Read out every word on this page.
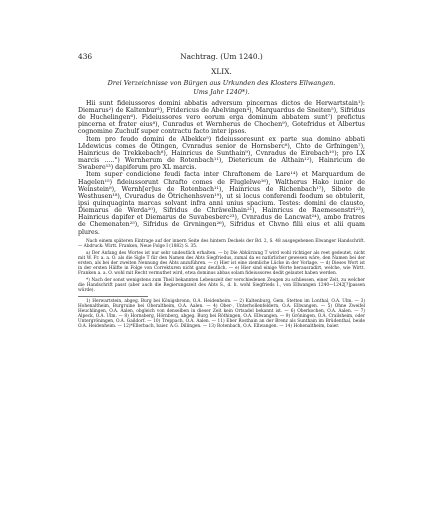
436	Nachtrag. (Um 1240.)
XLIX.
Drei Verzeichnisse von Bürgen aus Urkunden des Klosters Ellwangen.
Ums Jahr 1240*).

Hii sunt fideiussores domini abbatis adversum pincernas dictos de Herwartstain¹): Diemarus²) de Kaltenbur³), Fridericus de Abelvingen⁴), Marquardus de Sneiten⁵), Sifridus de Huchelingen⁶). Fideiussores vero eorum erga dominum abbatem sunt⁷) prefictus pincerna et frater eius⁸), Cunradus et Wernherus de Chochen⁹), Gotefridus et Albertus cognomine Zuchulf super contractu facto inter ipsos.

Item pro feudo domini de Albekke⁵) fideiussoresunt ex parte sua domino abbati Lẽdewicus comes de Ötingen, Cvnradus senior de Hornsberc⁸), Chto de Grfningen⁷), Hainricus de Trekkebach⁸), Hainricus de Sunthain⁹), Cvnradus de Eirebach¹⁰); pro LX marcis .....°) Wernherum de Rotenbach¹¹), Dietericum de Althain¹²), Hainricum de Swabere¹³) dapiferum pro XL marcis.

Item super condicione feudi facta inter Chraftonem de Lare¹⁴) et Marquardum de Hagelen¹⁵) fideiussorunt Chrafto comes de Fluglelwe¹⁶), Waltherus Hako iunior de Weinstein⁸), Wernh[er]us de Rotenbach¹¹), Hainricus de Richenbach¹⁷), Siboto de Westhusen¹⁸), Cvuradus de Ötrichenhsven¹⁹), ut si locus conferendi feodum se obtulerit, ipsi quinquaginta marcas solvant infra anni unius spacium. Testes: domini de clausto, Diemarus de Werda²⁰), Sifridus de Chräwelhain²¹), Hainricus de Raemesenstri²²), Hainricus dapifer et Diemarus de Suvabesberc²³), Cvnradus de Lancwat²⁴), ambo fratres de Chemenaten²⁵), Sifridus de Grvningen²⁶), Sifridus et Chvno filii eius et alii quam plures.

Nach einem späteren Eintrage auf der innern Seite des hintern Deckels der Bd. 2, S. 48 ausgegebenen Elwanger Handschrift. — Abdruck: Wirtt. Franken, Neue Folge I (1882) S. 35.

a) Der Anfang des Wortes ist nur sehr undeutlich erhalten. — b) Die Abkürzung T wird wohl richtiger als reet gedeutet, nicht mit W. Fr. a. a. O. als die Sigle T für den Namen des Abts Siegfriedus, zumal da es natürlicher gewesen wäre, den Namen bei der ersten, als bei der zweiten Nennung des Abts anzuführen. — c) Hier ist eine ziemliche Lücke in der Vorlage. — d) Dieses Wort ist in der ersten Hälfte in Folge von Correkturen nicht ganz deutlich. — e) Hier sind einige Worte herausradirt, welche, wie Wirtt. Franken a. a. O. wohl mit Recht vermuthet wird, etwa dominus abbas solam fideiussores dedit gelautet haben werden.

*) Nach der sonst wenigstens zum Theil bekannten Lebenszeit der verschiedenen Zeugen zu schliessen, einer Zeit, zu welcher die Handschrift passt (aber auch die Regierungszeit des Abts S., d. h. wohl Siegfrieds I., von Ellwangen 1240—1242[?]passen würde).

1) Herwartstein, abgeg. Burg bei Königsbronn, O.A. Heidenheim. — 2) Kaltenburg, Gem. Stetten im Lonthal, O.A. Ulm. — 3) Hohenaltheim, Burgruine bei Oberaltheim, O.A. Aalen. — 4) Ober-, Unterhollenfeldern, O.A. Ellwangen. — 5) Ohne Zweifel Heuchlingen, O.A. Aalen, obgleich von denselben in dieser Zeit kein Ortsadel bekannt ist. — 6) Oberkochen, O.A. Aalen. — 7) Alpeck, O.A. Ulm. — 8) Hornsberg, Hörnberg, abgeg. Burg bei Röthingen, O.A. Ellwangen. — 9) Gröningen, O.A. Crailsheim, oder Untergröningen, O.A. Gaildorf. — 10) Treppach, O.A. Aalen. — 11) Eber Rosthain an der Brenz als Sunthain im Brüdenthal, beide O.A. Heidenheim. — 12)*Ellerbach, baier. A.G. Dillingen. — 13) Rotenbach, O.A. Ellwangen. — 14) Hohenaltheim, baier.
